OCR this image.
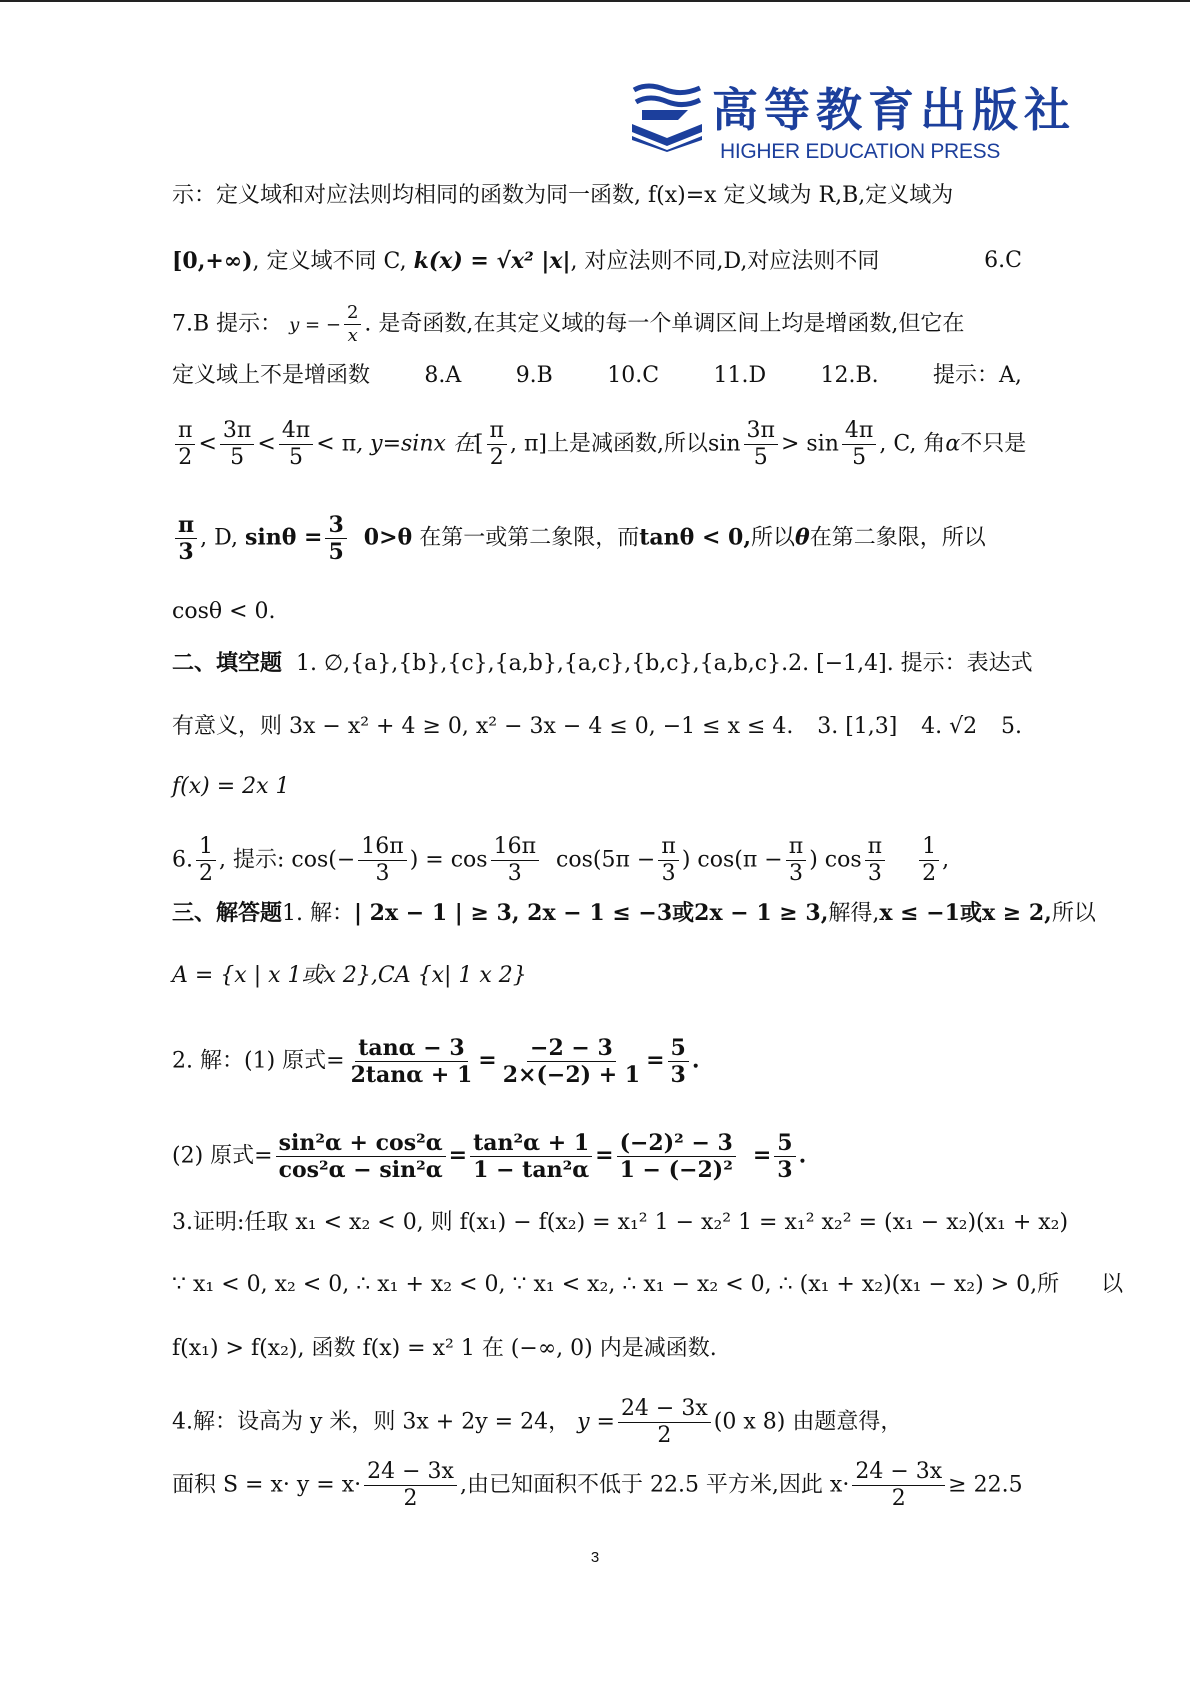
高等教育出版社
HIGHER EDUCATION PRESS
示：定义域和对应法则均相同的函数为同一函数, f(x)=x 定义域为 R,B,定义域为
[0,+∞), 定义域不同 C, k(x) = √x² |x|, 对应法则不同,D,对应法则不同	6.C
7.B 提示： y = − $\frac{2}{x}$ . 是奇函数,在其定义域的每一个单调区间上均是增函数,但它在
定义域上不是增函数 8.A 9.B 10.C 11.D 12.B. 提示：A,
$\frac{\pi}{2} < \frac{3\pi}{5} < \frac{4\pi}{5} < \pi$, y=sinx 在[ $\frac{\pi}{2}$ , π]上是减函数,所以$\sin \frac{3\pi}{5} > \sin \frac{4\pi}{5}$ , C, 角α不只是
$\frac{\pi}{3}$ , D, $\sin\theta = \frac{3}{5} 0>\theta$ 在第一或第二象限，而tanθ < 0,所以θ在第二象限，所以
cosθ < 0.
二、填空题 1. ∅,{a},{b},{c},{a,b},{a,c},{b,c},{a,b,c}. 2. [−1,4]. 提示：表达式
有意义，则 3x − x² + 4 ≥ 0, x² − 3x − 4 ≤ 0, −1 ≤ x ≤ 4. 3. [1,3] 4. √2 5.
f(x) = 2x 1
6. $\frac{1}{2}$ , 提示: $\cos(- \frac{16\pi}{3}$ ) = $\cos \frac{16\pi}{3} \cos(5\pi - \frac{\pi}{3}$ ) $\cos(\pi - \frac{\pi}{3}$ ) $\cos \frac{\pi}{3}$
$\frac{1}{2}$ ,
三、解答题1. 解：| 2x − 1 | ≥ 3, 2x − 1 ≤ −3或2x − 1 ≥ 3,解得,x ≤ −1或x ≥ 2,所以
A = {x | x 1或x 2},CA {x| 1 x 2}
2. 解：(1) 原式= $\frac{\tan\alpha - 3}{2\tan\alpha + 1} = \frac{-2 - 3}{2\times(-2) + 1} = \frac{5}{3}$ .
(2) 原式= $\frac{\text{sin²α + cos²α}}{\text{cos²α − sin²α}} = \frac{\text{tan²α + 1}}{\text{1 − tan²α}} = \frac{\text{(−2)² − 3}}{\text{1 − (−2)²}} = \frac{5}{3}$ .
3.证明:任取 x₁ < x₂ < 0, 则 f(x₁) − f(x₂) = x₁² 1 − x₂² 1 = x₁² x₂² = (x₁ − x₂)(x₁ + x₂)
∵ x₁ < 0, x₂ < 0, ∴ x₁ + x₂ < 0, ∵ x₁ < x₂, ∴ x₁ − x₂ < 0, ∴ (x₁ + x₂)(x₁ − x₂) > 0, 所 以
f(x₁) > f(x₂), 函数 f(x) = x² 1 在 (−∞, 0) 内是减函数.
4.解：设高为 y 米，则 3x + 2y = 24， $y = \frac{24 - 3x}{2} (0$ x 8) 由题意得，
面积 $S = x\cdot y = x\cdot \frac{24 - 3x}{2}$ ,由已知面积不低于 22.5 平方米,因此 $x\cdot \frac{24 - 3x}{2} \ge 22.5$
3
